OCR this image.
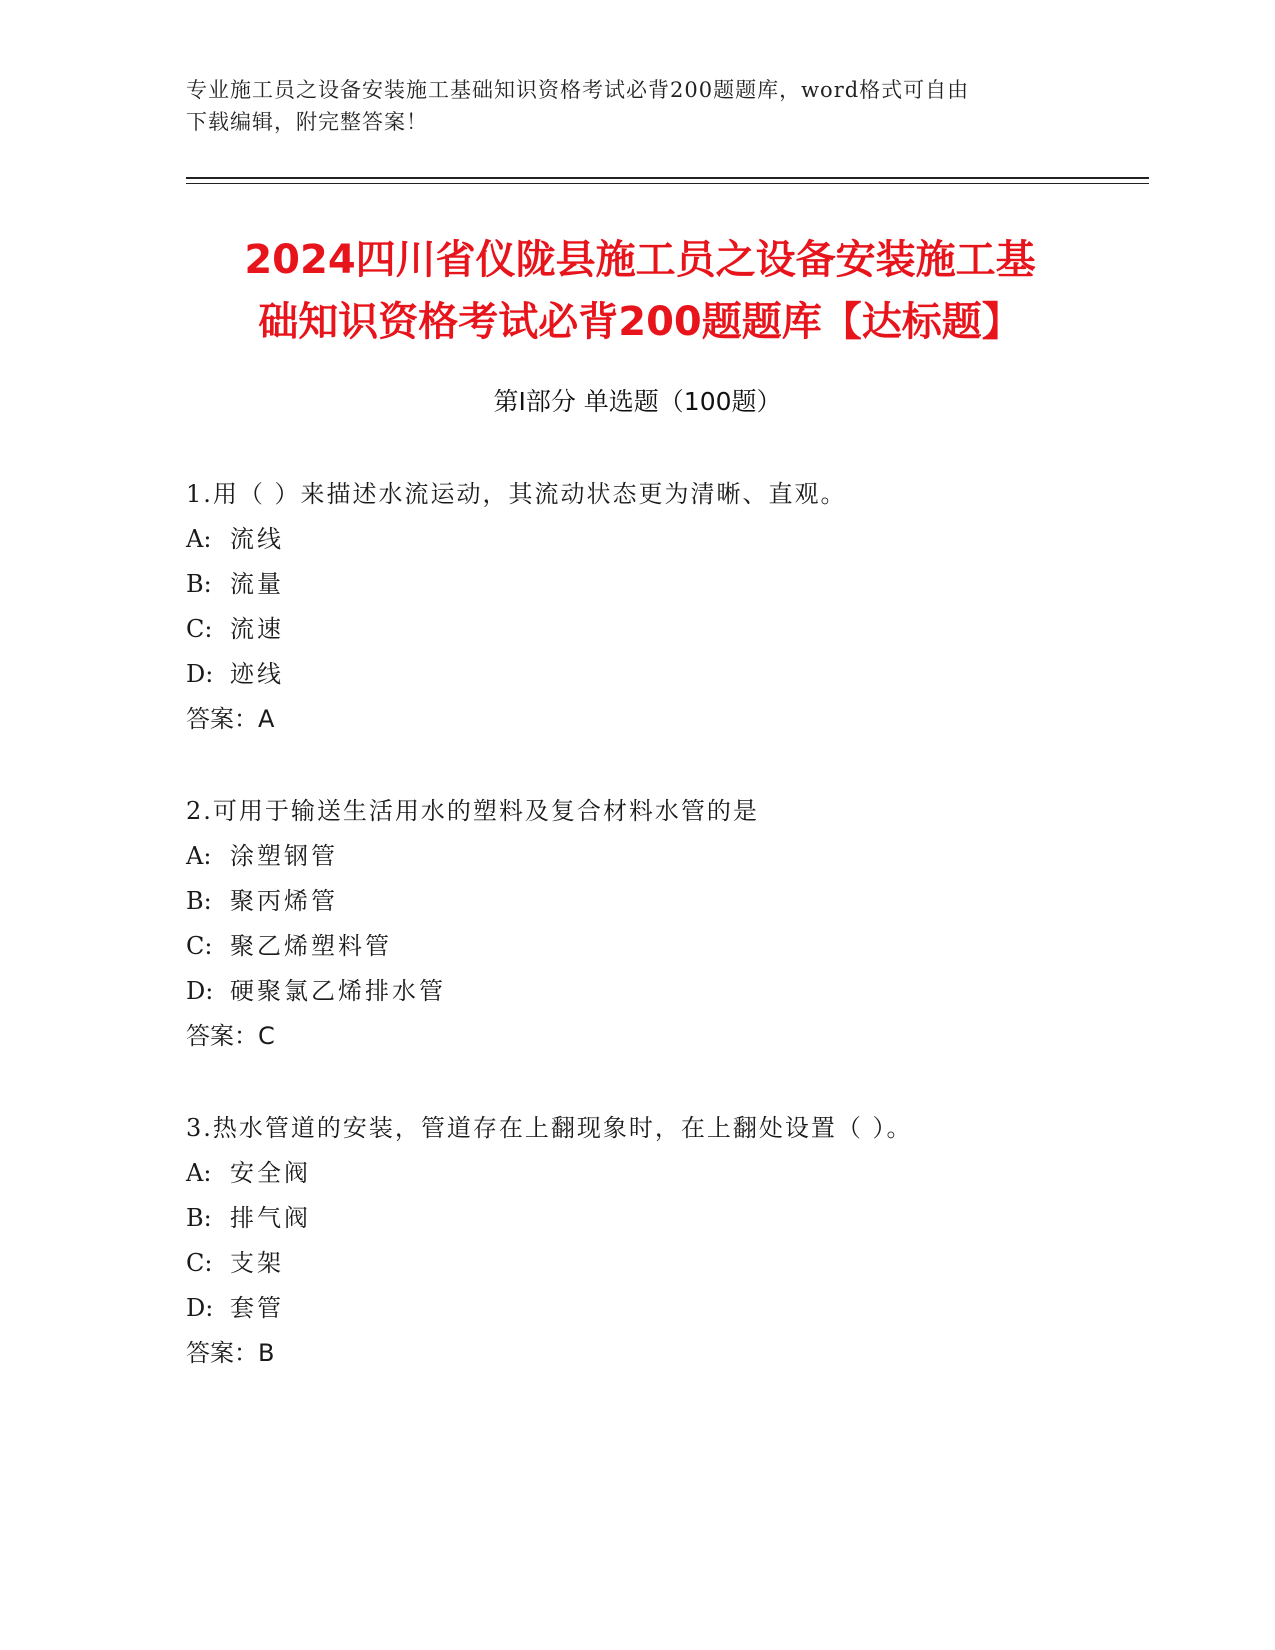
专业施工员之设备安装施工基础知识资格考试必背200题题库，word格式可自由
下载编辑，附完整答案！
2024四川省仪陇县施工员之设备安装施工基
础知识资格考试必背200题题库【达标题】
第Ⅰ部分 单选题（100题）
1.用（ ）来描述水流运动，其流动状态更为清晰、直观。
A: 流线
B: 流量
C: 流速
D: 迹线
答案：A
2.可用于输送生活用水的塑料及复合材料水管的是
A: 涂塑钢管
B: 聚丙烯管
C: 聚乙烯塑料管
D: 硬聚氯乙烯排水管
答案：C
3.热水管道的安装，管道存在上翻现象时，在上翻处设置（ ）。
A: 安全阀
B: 排气阀
C: 支架
D: 套管
答案：B
